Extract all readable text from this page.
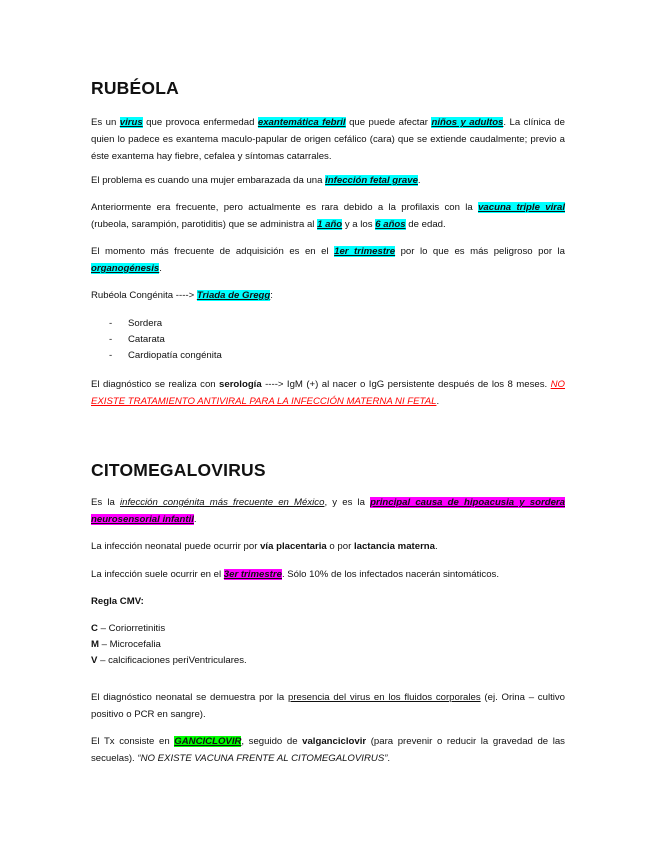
RUBÉOLA

Es un virus que provoca enfermedad exantemática febril que puede afectar niños y adultos. La clínica de quien lo padece es exantema maculo-papular de origen cefálico (cara) que se extiende caudalmente; previo a éste exantema hay fiebre, cefalea y síntomas catarrales.

El problema es cuando una mujer embarazada da una infección fetal grave.

Anteriormente era frecuente, pero actualmente es rara debido a la profilaxis con la vacuna triple viral (rubeola, sarampión, parotiditis) que se administra al 1 año y a los 6 años de edad.

El momento más frecuente de adquisición es en el 1er trimestre por lo que es más peligroso por la organogénesis.

Rubéola Congénita ----> Triada de Gregg:

- Sordera
- Catarata
- Cardiopatía congénita

El diagnóstico se realiza con serología ----> IgM (+) al nacer o IgG persistente después de los 8 meses. NO EXISTE TRATAMIENTO ANTIVIRAL PARA LA INFECCIÓN MATERNA NI FETAL.

CITOMEGALOVIRUS

Es la infección congénita más frecuente en México, y es la principal causa de hipoacusia y sordera neurosensorial infantil.

La infección neonatal puede ocurrir por vía placentaria o por lactancia materna.

La infección suele ocurrir en el 3er trimestre. Sólo 10% de los infectados nacerán sintomáticos.

Regla CMV:

C – Coriorretinitis
M – Microcefalia
V – calcificaciones periVentriculares.

El diagnóstico neonatal se demuestra por la presencia del virus en los fluidos corporales (ej. Orina – cultivo positivo o PCR en sangre).

El Tx consiste en GANCICLOVIR, seguido de valganciclovir (para prevenir o reducir la gravedad de las secuelas). “NO EXISTE VACUNA FRENTE AL CITOMEGALOVIRUS”.
